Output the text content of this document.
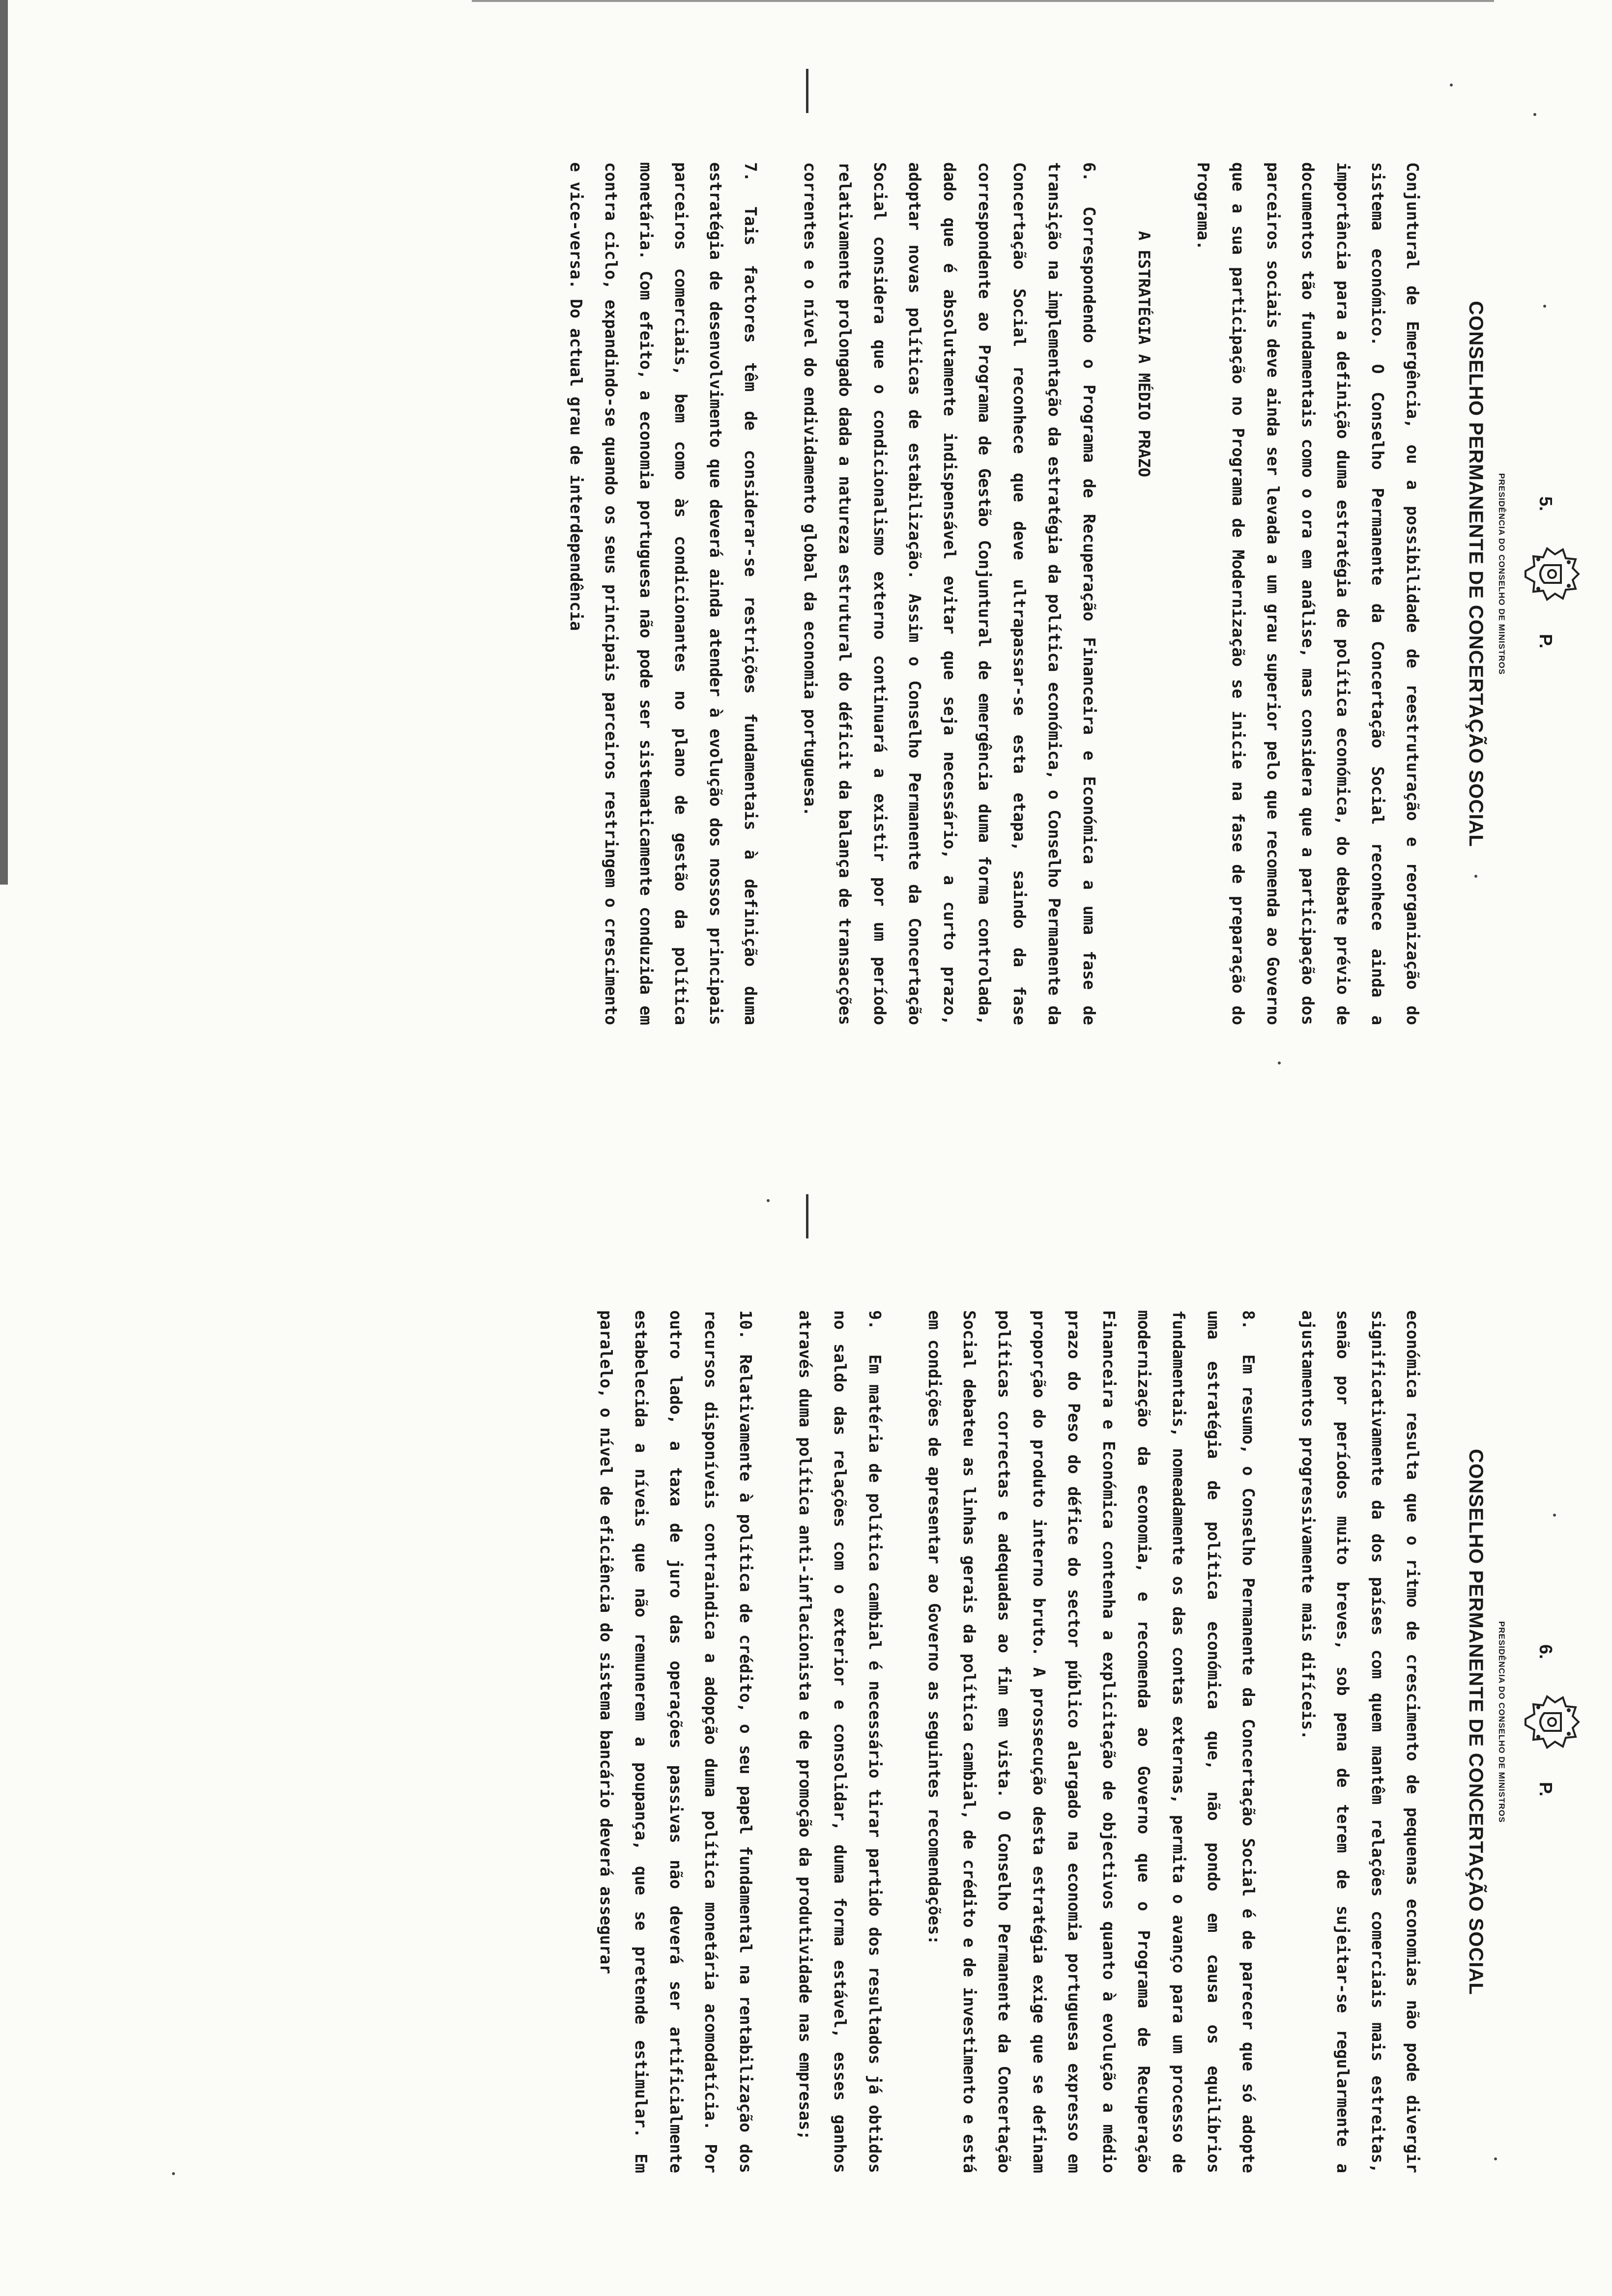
5.
P.
PRESIDÊNCIA DO CONSELHO DE MINISTROS
CONSELHO PERMANENTE DE CONCERTAÇÃO SOCIAL

Conjuntural de Emergência, ou a possibilidade de reestruturação e reorganização do sistema económico. O Conselho Permanente da Concertação Social reconhece ainda a importância para a definição duma estratégia de política económica, do debate prévio de documentos tão fundamentais como o ora em análise, mas considera que a participação dos parceiros sociais deve ainda ser levada a um grau superior pelo que recomenda ao Governo que a sua participação no Programa de Modernização se inicie na fase de preparação do Programa.

A ESTRATÉGIA A MÉDIO PRAZO

6.Correspondendo o Programa de Recuperação Financeira e Económica a uma fase de transição na implementação da estratégia da política económica, o Conselho Permanente da Concertação Social reconhece que deve ultrapassar-se esta etapa, saindo da fase correspondente ao Programa de Gestão Conjuntural de emergência duma forma controlada, dado que é absolutamente indispensável evitar que seja necessário, a curto prazo, adoptar novas políticas de estabilização. Assim o Conselho Permanente da Concertação Social considera que o condicionalismo externo continuará a existir por um período relativamente prolongado dada a natureza estrutural do déficit da balança de transacções correntes e o nível do endividamento global da economia portuguesa.

7.Tais factores têm de considerar-se restrições fundamentais à definição duma estratégia de desenvolvimento que deverá ainda atender à evolução dos nossos principais parceiros comerciais, bem como às condicionantes no plano de gestão da política monetária. Com efeito, a economia portuguesa não pode ser sistematicamente conduzida em contra ciclo, expandindo-se quando os seus principais parceiros restringem o crescimento e vice-versa. Do actual grau de interdependência

6.
P.
PRESIDÊNCIA DO CONSELHO DE MINISTROS
CONSELHO PERMANENTE DE CONCERTAÇÃO SOCIAL

económica resulta que o ritmo de crescimento de pequenas economias não pode divergir significativamente da dos países com quem mantêm relações comerciais mais estreitas, senão por períodos muito breves, sob pena de terem de sujeitar-se regularmente a ajustamentos progressivamente mais difíceis.

8.Em resumo, o Conselho Permanente da Concertação Social é de parecer que só adopte uma estratégia de política económica que, não pondo em causa os equilíbrios fundamentais, nomeadamente os das contas externas, permita o avanço para um processo de modernização da economia, e recomenda ao Governo que o Programa de Recuperação Financeira e Económica contenha a explicitação de objectivos quanto à evolução a médio prazo do Peso do défice do sector público alargado na economia portuguesa expresso em proporção do produto interno bruto. A prossecução desta estratégia exige que se definam políticas correctas e adequadas ao fim em vista. O Conselho Permanente da Concertação Social debateu as linhas gerais da política cambial, de crédito e de investimento e está em condições de apresentar ao Governo as seguintes recomendações:

9.Em matéria de política cambial é necessário tirar partido dos resultados já obtidos no saldo das relações com o exterior e consolidar, duma forma estável, esses ganhos através duma política anti-inflacionista e de promoção da produtividade nas empresas;

10.Relativamente à política de crédito, o seu papel fundamental na rentabilização dos recursos disponíveis contraindica a adopção duma política monetária acomodatícia. Por outro lado, a taxa de juro das operações passivas não deverá ser artificialmente estabelecida a níveis que não remunerem a poupança, que se pretende estimular. Em paralelo, o nível de eficiência do sistema bancário deverá assegurar
